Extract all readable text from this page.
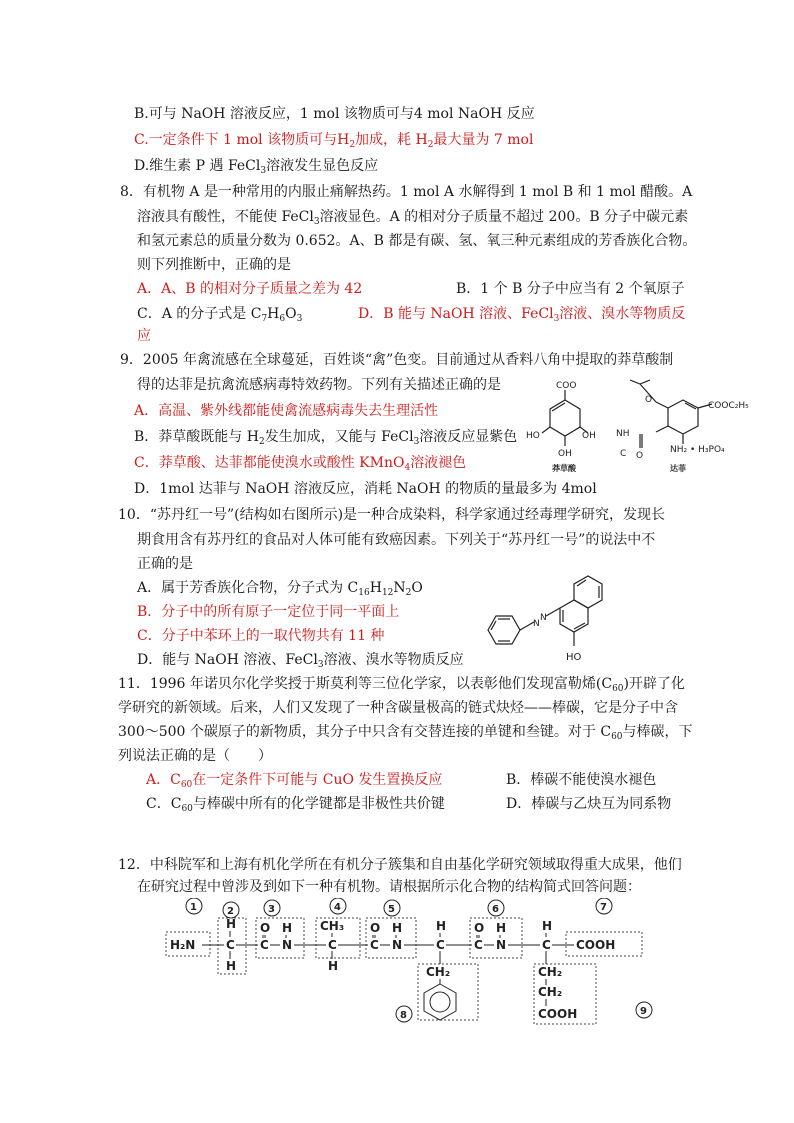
B.可与 NaOH 溶液反应，1 mol 该物质可与4 mol NaOH 反应
C.一定条件下 1 mol 该物质可与$H_2$加成，耗 $H_2$最大量为 7 mol
D.维生素 P 遇 FeCl$_3$溶液发生显色反应
8．有机物 A 是一种常用的内服止痛解热药。1 mol A 水解得到 1 mol B 和 1 mol 醋酸。A
溶液具有酸性，不能使 FeCl$_3$溶液显色。A 的相对分子质量不超过 200。B 分子中碳元素
和氢元素总的质量分数为 0.652。A、B 都是有碳、氢、氧三种元素组成的芳香族化合物。
则下列推断中，正确的是
A．A、B 的相对分子质量之差为 42	B．1 个 B 分子中应当有 2 个氧原子
C．A 的分子式是 $C_7H_6O_3$	D．B 能与 NaOH 溶液、FeCl$_3$溶液、溴水等物质反
应
9．2005 年禽流感在全球蔓延，百姓谈“禽”色变。目前通过从香料八角中提取的莽草酸制
得的达菲是抗禽流感病毒特效药物。下列有关描述正确的是
A．高温、紫外线都能使禽流感病毒失去生理活性
B．莽草酸既能与 $H_2$发生加成，又能与 FeCl$_3$溶液反应显紫色
C．莽草酸、达菲都能使溴水或酸性 KMnO$_4$溶液褪色
D．1mol 达菲与 NaOH 溶液反应，消耗 NaOH 的物质的量最多为 4mol
COO
HO	OH
OH
O
COOC₂H₅
NH
C O
NH₂ • H₃PO₄
莽草酸	达菲
10．“苏丹红一号”(结构如右图所示)是一种合成染料，科学家通过经毒理学研究，发现长
期食用含有苏丹红的食品对人体可能有致癌因素。下列关于“苏丹红一号”的说法中不
正确的是
A．属于芳香族化合物，分子式为 $C_{16}H_{12}N_2O$
B．分子中的所有原子一定位于同一平面上
C．分子中苯环上的一取代物共有 11 种
D．能与 NaOH 溶液、FeCl$_3$溶液、溴水等物质反应
N
N
HO
11．1996 年诺贝尔化学奖授于斯莫利等三位化学家，以表彰他们发现富勒烯$(C_{60})$开辟了化
学研究的新领域。后来，人们又发现了一种含碳量极高的链式炔烃——棒碳，它是分子中含
300～500 个碳原子的新物质，其分子中只含有交替连接的单键和叁键。对于 $C_{60}$与棒碳，下
列说法正确的是（　　）
A．$C_{60}$在一定条件下可能与 CuO 发生置换反应	B．棒碳不能使溴水褪色
C．$C_{60}$与棒碳中所有的化学键都是非极性共价键	D．棒碳与乙炔互为同系物
12．中科院军和上海有机化学所在有机分子簇集和自由基化学研究领域取得重大成果，他们
在研究过程中曾涉及到如下一种有机物。请根据所示化合物的结构简式回答问题：
1	2	3	4	5	6	7
8	9
H₂N
H
C
H
O H
C N
CH₃
C
H
O H
C N
H
C
CH₂
O H
C N
H
C
CH₂
CH₂
COOH
COOH
